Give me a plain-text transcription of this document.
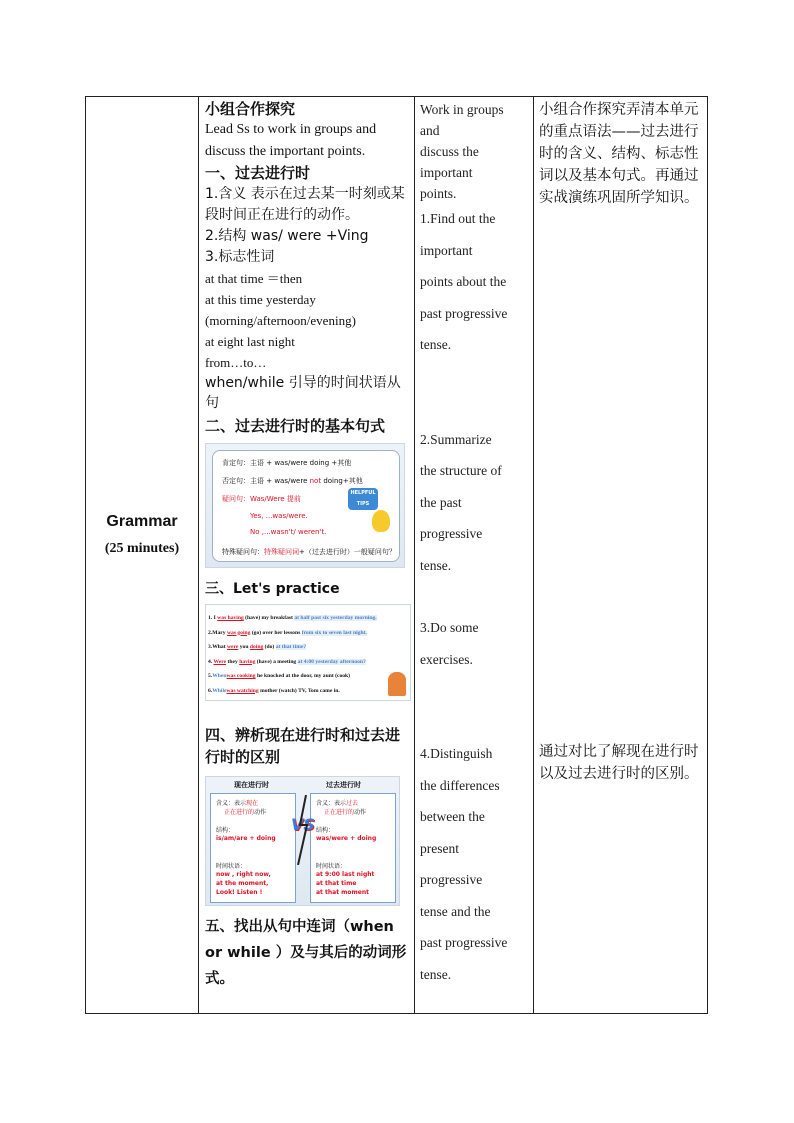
Grammar
(25 minutes)
小组合作探究
Lead Ss to work in groups and discuss the important points.
一、过去进行时
1.含义 表示在过去某一时刻或某段时间正在进行的动作。
2.结构 was/ were +Ving
3.标志性词
at that time ＝then
at this time yesterday
(morning/afternoon/evening)
at eight last night
from…to…
when/while 引导的时间状语从句
二、过去进行时的基本句式
肯定句：主语 + was/were doing +其他
否定句：主语 + was/were not doing+其他
疑问句：Was/Were 提前
Yes, ...was/were.
No ,...wasn't/ weren't.
特殊疑问句：特殊疑问词+（过去进行时）一般疑问句？
HELPFUL TIPS
三、Let's practice
1. I was having (have) my breakfast at half past six yesterday morning.
2.Mary was going (go) over her lessons from six to seven last night.
3.What were you doing (do) at that time?
4. Were they having (have) a meeting at 4:00 yesterday afternoon?
5.Whenwas cooking he knocked at the door, my aunt (cook)
6.Whilewas watching mother (watch) TV, Tom came in.
四、辨析现在进行时和过去进行时的区别
现在进行时	过去进行时
含义：表示现在
正在进行的动作
含义：表示过去
正在进行的动作
结构：
is/am/are + doing
结构：
was/were + doing
时间状语：	时间状语：
now , right now,
at the moment,
Look! Listen !
at 9:00 last night
at that time
at that moment
VS
五、找出从句中连词（when or while ）及与其后的动词形式。
Work in groups
and
discuss the
important
points.
1.Find out the
important
points about the
past progressive
tense.
2.Summarize
the structure of
the past
progressive
tense.
3.Do some
exercises.
4.Distinguish
the differences
between the
present
progressive
tense and the
past progressive
tense.

小组合作探究弄清本单元的重点语法——过去进行时的含义、结构、标志性词以及基本句式。再通过实战演练巩固所学知识。

通过对比了解现在进行时以及过去进行时的区别。
